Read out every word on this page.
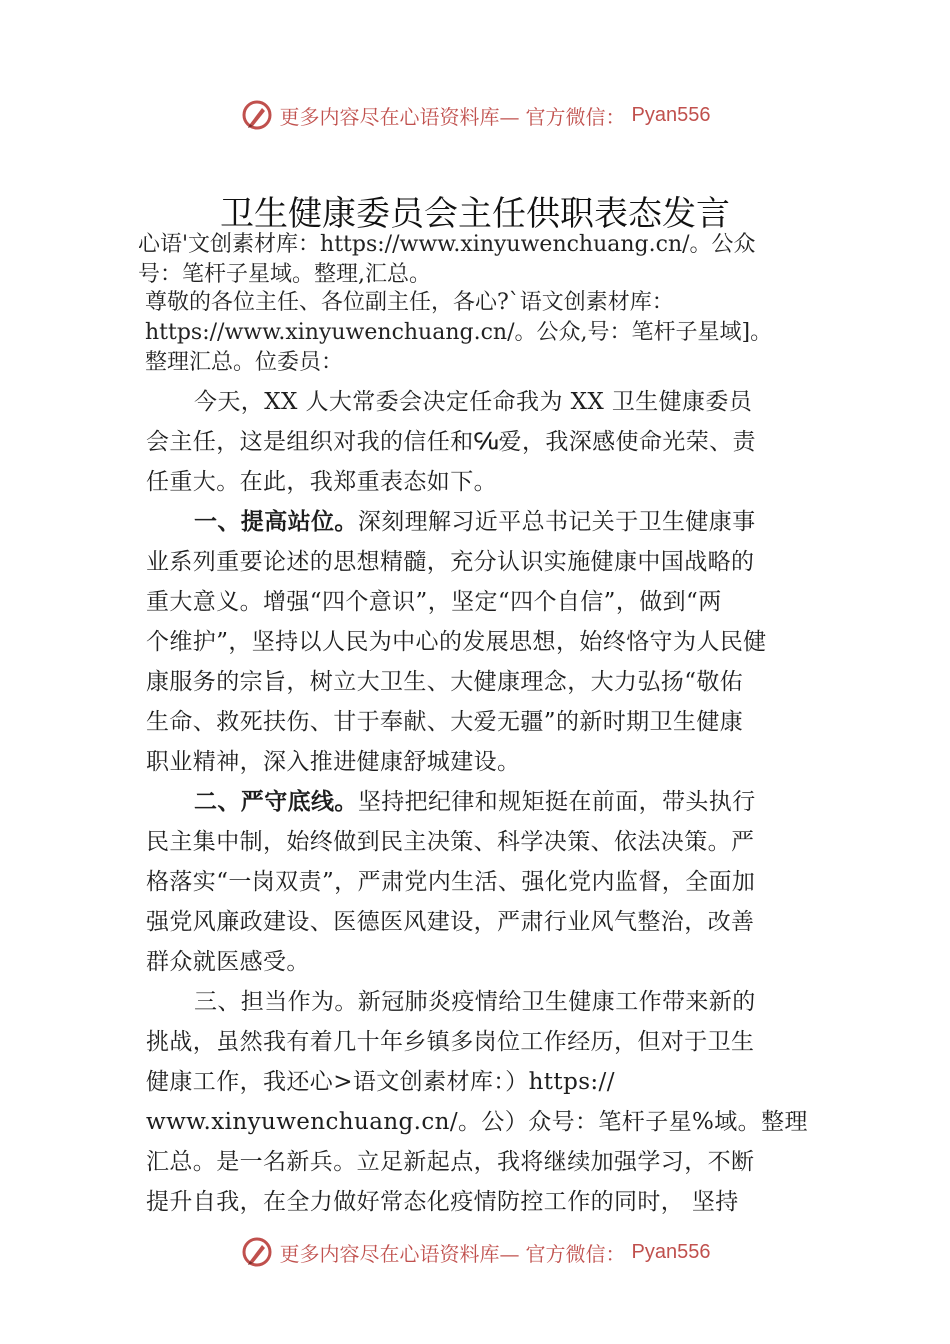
更多内容尽在心语资料库— 官方微信： Pyan556
卫生健康委员会主任供职表态发言
心语'文创素材库：https://www.xinyuwenchuang.cn/。公众
号：笔杆子星域。整理,汇总。
尊敬的各位主任、各位副主任，各心?`语文创素材库：
https://www.xinyuwenchuang.cn/。公众,号：笔杆子星域]。
整理汇总。位委员：
今天，XX 人大常委会决定任命我为 XX 卫生健康委员
会主任，这是组织对我的信任和℆爱，我深感使命光荣、责
任重大。在此，我郑重表态如下。
一、提高站位。深刻理解习近平总书记关于卫生健康事
业系列重要论述的思想精髓，充分认识实施健康中国战略的
重大意义。增强“四个意识”，坚定“四个自信”，做到“两
个维护”，坚持以人民为中心的发展思想，始终恪守为人民健
康服务的宗旨，树立大卫生、大健康理念，大力弘扬“敬佑
生命、救死扶伤、甘于奉献、大爱无疆”的新时期卫生健康
职业精神，深入推进健康舒城建设。
二、严守底线。坚持把纪律和规矩挺在前面，带头执行
民主集中制，始终做到民主决策、科学决策、依法决策。严
格落实“一岗双责”，严肃党内生活、强化党内监督，全面加
强党风廉政建设、医德医风建设，严肃行业风气整治，改善
群众就医感受。
三、担当作为。新冠肺炎疫情给卫生健康工作带来新的
挑战，虽然我有着几十年乡镇多岗位工作经历，但对于卫生
健康工作，我还心>语文创素材库：）https://
www.xinyuwenchuang.cn/。公）众号：笔杆子星%域。整理
汇总。是一名新兵。立足新起点，我将继续加强学习，不断
提升自我，在全力做好常态化疫情防控工作的同时， 坚持
更多内容尽在心语资料库— 官方微信： Pyan556
